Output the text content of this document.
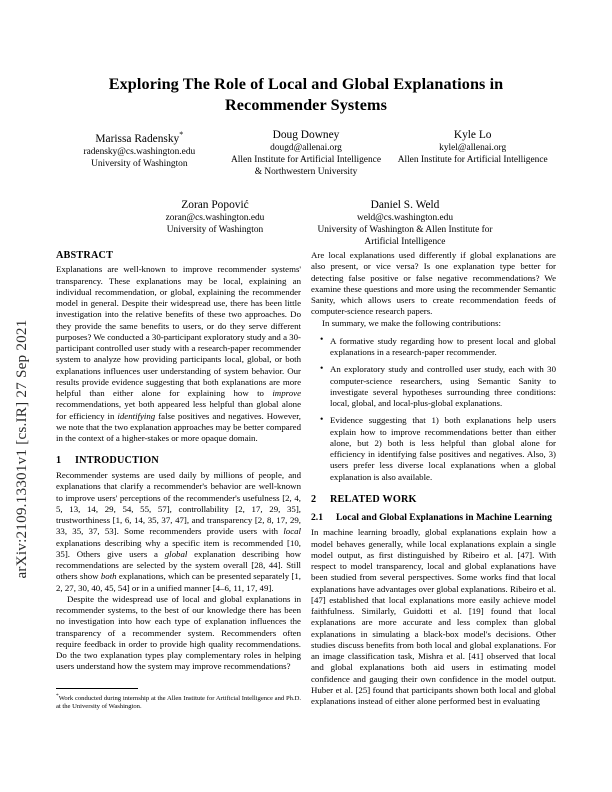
arXiv:2109.13301v1 [cs.IR] 27 Sep 2021
Exploring The Role of Local and Global Explanations in Recommender Systems
Marissa Radensky*
radensky@cs.washington.edu
University of Washington
Doug Downey
dougd@allenai.org
Allen Institute for Artificial Intelligence & Northwestern University
Kyle Lo
kylel@allenai.org
Allen Institute for Artificial Intelligence
Zoran Popović
zoran@cs.washington.edu
University of Washington
Daniel S. Weld
weld@cs.washington.edu
University of Washington & Allen Institute for Artificial Intelligence
ABSTRACT

Explanations are well-known to improve recommender systems' transparency. These explanations may be local, explaining an individual recommendation, or global, explaining the recommender model in general. Despite their widespread use, there has been little investigation into the relative benefits of these two approaches. Do they provide the same benefits to users, or do they serve different purposes? We conducted a 30-participant exploratory study and a 30-participant controlled user study with a research-paper recommender system to analyze how providing participants local, global, or both explanations influences user understanding of system behavior. Our results provide evidence suggesting that both explanations are more helpful than either alone for explaining how to improve recommendations, yet both appeared less helpful than global alone for efficiency in identifying false positives and negatives. However, we note that the two explanation approaches may be better compared in the context of a higher-stakes or more opaque domain.

1	INTRODUCTION

Recommender systems are used daily by millions of people, and explanations that clarify a recommender's behavior are well-known to improve users' perceptions of the recommender's usefulness [2, 4, 5, 13, 14, 29, 54, 55, 57], controllability [2, 17, 29, 35], trustworthiness [1, 6, 14, 35, 37, 47], and transparency [2, 8, 17, 29, 33, 35, 37, 53]. Some recommenders provide users with local explanations describing why a specific item is recommended [10, 35]. Others give users a global explanation describing how recommendations are selected by the system overall [28, 44]. Still others show both explanations, which can be presented separately [1, 2, 27, 30, 40, 45, 54] or in a unified manner [4–6, 11, 17, 49].

Despite the widespread use of local and global explanations in recommender systems, to the best of our knowledge there has been no investigation into how each type of explanation influences the transparency of a recommender system. Recommenders often require feedback in order to provide high quality recommendations. Do the two explanation types play complementary roles in helping users understand how the system may improve recommendations?

Are local explanations used differently if global explanations are also present, or vice versa? Is one explanation type better for detecting false positive or false negative recommendations? We examine these questions and more using the recommender Semantic Sanity, which allows users to create recommendation feeds of computer-science research papers.

In summary, we make the following contributions:

• A formative study regarding how to present local and global explanations in a research-paper recommender.
• An exploratory study and controlled user study, each with 30 computer-science researchers, using Semantic Sanity to investigate several hypotheses surrounding three conditions: local, global, and local-plus-global explanations.
• Evidence suggesting that 1) both explanations help users explain how to improve recommendations better than either alone, but 2) both is less helpful than global alone for efficiency in identifying false positives and negatives. Also, 3) users prefer less diverse local explanations when a global explanation is also available.
2	RELATED WORK
2.1	Local and Global Explanations in Machine Learning

In machine learning broadly, global explanations explain how a model behaves generally, while local explanations explain a single model output, as first distinguished by Ribeiro et al. [47]. With respect to model transparency, local and global explanations have been studied from several perspectives. Some works find that local explanations have advantages over global explanations. Ribeiro et al. [47] established that local explanations more easily achieve model faithfulness. Similarly, Guidotti et al. [19] found that local explanations are more accurate and less complex than global explanations in simulating a black-box model's decisions. Other studies discuss benefits from both local and global explanations. For an image classification task, Mishra et al. [41] observed that local and global explanations both aid users in estimating model confidence and gauging their own confidence in the model output. Huber et al. [25] found that participants shown both local and global explanations instead of either alone performed best in evaluating

*Work conducted during internship at the Allen Institute for Artificial Intelligence and Ph.D. at the University of Washington.
